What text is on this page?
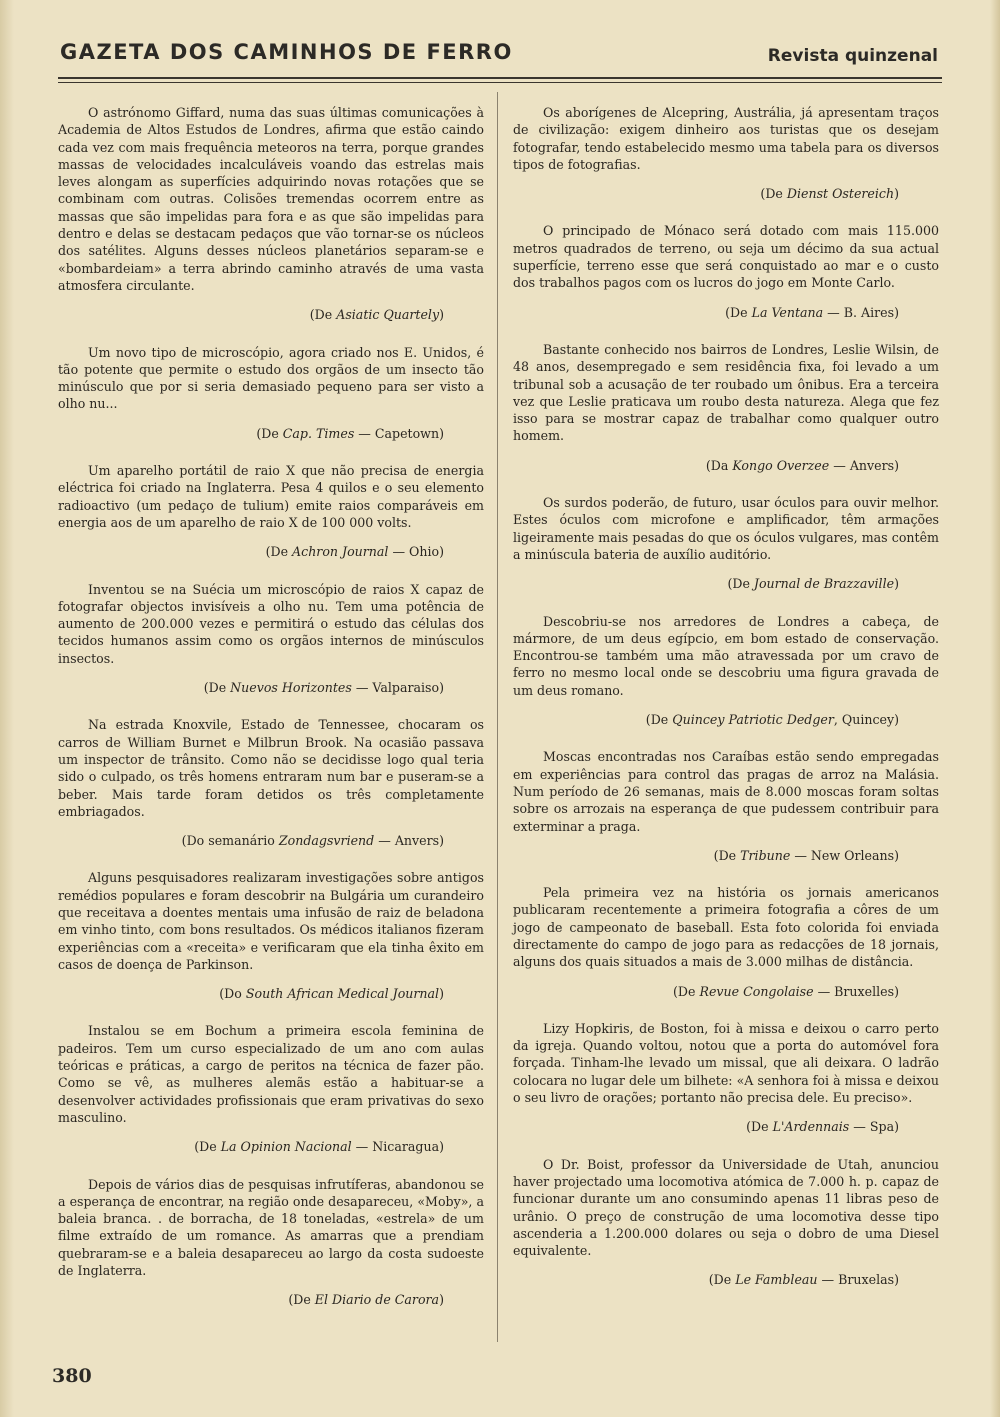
GAZETA DOS CAMINHOS DE FERRO	Revista quinzenal

O astrónomo Giffard, numa das suas últimas comunicações à Academia de Altos Estudos de Londres, afirma que estão caindo cada vez com mais frequência meteoros na terra, porque grandes massas de velocidades incalculáveis voando das estrelas mais leves alongam as superfícies adquirindo novas rotações que se combinam com outras. Colisões tremendas ocorrem entre as massas que são impelidas para fora e as que são impelidas para dentro e delas se destacam pedaços que vão tornar-se os núcleos dos satélites. Alguns desses núcleos planetários separam-se e «bombardeiam» a terra abrindo caminho através de uma vasta atmosfera circulante.

(De Asiatic Quartely)

Um novo tipo de microscópio, agora criado nos E. Unidos, é tão potente que permite o estudo dos orgãos de um insecto tão minúsculo que por si seria demasiado pequeno para ser visto a olho nu...

(De Cap. Times — Capetown)

Um aparelho portátil de raio X que não precisa de energia eléctrica foi criado na Inglaterra. Pesa 4 quilos e o seu elemento radioactivo (um pedaço de tulium) emite raios comparáveis em energia aos de um aparelho de raio X de 100 000 volts.

(De Achron Journal — Ohio)

Inventou se na Suécia um microscópio de raios X capaz de fotografar objectos invisíveis a olho nu. Tem uma potência de aumento de 200.000 vezes e permitirá o estudo das células dos tecidos humanos assim como os orgãos internos de minúsculos insectos.

(De Nuevos Horizontes — Valparaiso)

Na estrada Knoxvile, Estado de Tennessee, chocaram os carros de William Burnet e Milbrun Brook. Na ocasião passava um inspector de trânsito. Como não se decidisse logo qual teria sido o culpado, os três homens entraram num bar e puseram-se a beber. Mais tarde foram detidos os três completamente embriagados.

(Do semanário Zondagsvriend — Anvers)

Alguns pesquisadores realizaram investigações sobre antigos remédios populares e foram descobrir na Bulgária um curandeiro que receitava a doentes mentais uma infusão de raiz de beladona em vinho tinto, com bons resultados. Os médicos italianos fizeram experiências com a «receita» e verificaram que ela tinha êxito em casos de doença de Parkinson.

(Do South African Medical Journal)

Instalou se em Bochum a primeira escola feminina de padeiros. Tem um curso especializado de um ano com aulas teóricas e práticas, a cargo de peritos na técnica de fazer pão. Como se vê, as mulheres alemãs estão a habituar-se a desenvolver actividades profissionais que eram privativas do sexo masculino.

(De La Opinion Nacional — Nicaragua)

Depois de vários dias de pesquisas infrutíferas, abandonou se a esperança de encontrar, na região onde desapareceu, «Moby», a baleia branca. . de borracha, de 18 toneladas, «estrela» de um filme extraído de um romance. As amarras que a prendiam quebraram-se e a baleia desapareceu ao largo da costa sudoeste de Inglaterra.

(De El Diario de Carora)

Os aborígenes de Alcepring, Austrália, já apresentam traços de civilização: exigem dinheiro aos turistas que os desejam fotografar, tendo estabelecido mesmo uma tabela para os diversos tipos de fotografias.

(De Dienst Ostereich)

O principado de Mónaco será dotado com mais 115.000 metros quadrados de terreno, ou seja um décimo da sua actual superfície, terreno esse que será conquistado ao mar e o custo dos trabalhos pagos com os lucros do jogo em Monte Carlo.

(De La Ventana — B. Aires)

Bastante conhecido nos bairros de Londres, Leslie Wilsin, de 48 anos, desempregado e sem residência fixa, foi levado a um tribunal sob a acusação de ter roubado um ônibus. Era a terceira vez que Leslie praticava um roubo desta natureza. Alega que fez isso para se mostrar capaz de trabalhar como qualquer outro homem.

(Da Kongo Overzee — Anvers)

Os surdos poderão, de futuro, usar óculos para ouvir melhor. Estes óculos com microfone e amplificador, têm armações ligeiramente mais pesadas do que os óculos vulgares, mas contêm a minúscula bateria de auxílio auditório.

(De Journal de Brazzaville)

Descobriu-se nos arredores de Londres a cabeça, de mármore, de um deus egípcio, em bom estado de conservação. Encontrou-se também uma mão atravessada por um cravo de ferro no mesmo local onde se descobriu uma figura gravada de um deus romano.

(De Quincey Patriotic Dedger, Quincey)

Moscas encontradas nos Caraíbas estão sendo empregadas em experiências para control das pragas de arroz na Malásia. Num período de 26 semanas, mais de 8.000 moscas foram soltas sobre os arrozais na esperança de que pudessem contribuir para exterminar a praga.

(De Tribune — New Orleans)

Pela primeira vez na história os jornais americanos publicaram recentemente a primeira fotografia a côres de um jogo de campeonato de baseball. Esta foto colorida foi enviada directamente do campo de jogo para as redacções de 18 jornais, alguns dos quais situados a mais de 3.000 milhas de distância.

(De Revue Congolaise — Bruxelles)

Lizy Hopkiris, de Boston, foi à missa e deixou o carro perto da igreja. Quando voltou, notou que a porta do automóvel fora forçada. Tinham-lhe levado um missal, que ali deixara. O ladrão colocara no lugar dele um bilhete: «A senhora foi à missa e deixou o seu livro de orações; portanto não precisa dele. Eu preciso».

(De L'Ardennais — Spa)

O Dr. Boist, professor da Universidade de Utah, anunciou haver projectado uma locomotiva atómica de 7.000 h. p. capaz de funcionar durante um ano consumindo apenas 11 libras peso de urânio. O preço de construção de uma locomotiva desse tipo ascenderia a 1.200.000 dolares ou seja o dobro de uma Diesel equivalente.

(De Le Fambleau — Bruxelas)
380
